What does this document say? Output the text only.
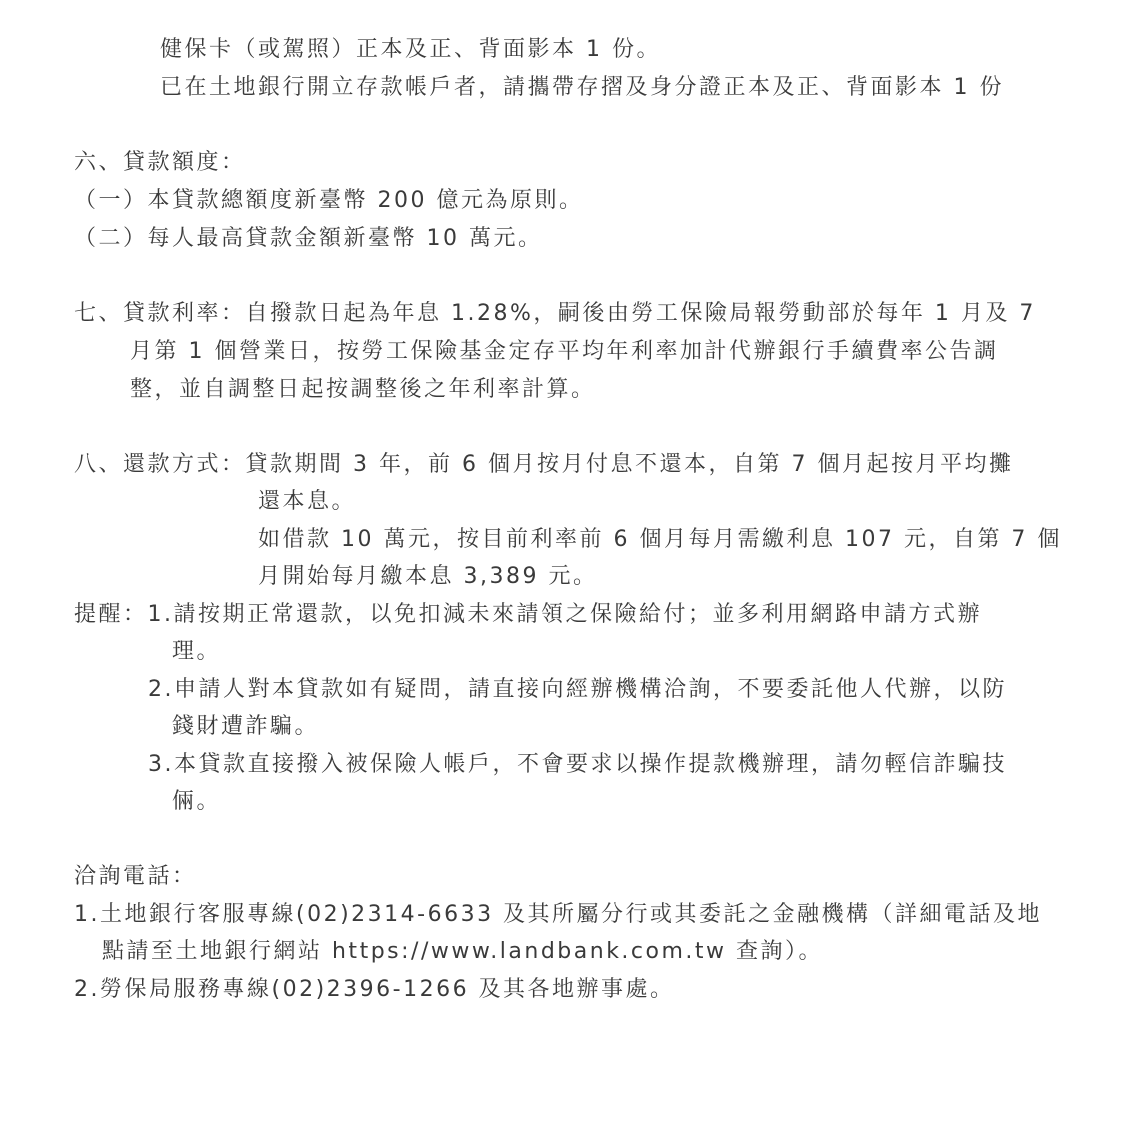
健保卡（或駕照）正本及正、背面影本 1 份。

已在土地銀行開立存款帳戶者，請攜帶存摺及身分證正本及正、背面影本 1 份

六、貸款額度：

（一）本貸款總額度新臺幣 200 億元為原則。

（二）每人最高貸款金額新臺幣 10 萬元。

七、貸款利率：自撥款日起為年息 1.28%，嗣後由勞工保險局報勞動部於每年 1 月及 7

月第 1 個營業日，按勞工保險基金定存平均年利率加計代辦銀行手續費率公告調

整，並自調整日起按調整後之年利率計算。

八、還款方式：貸款期間 3 年，前 6 個月按月付息不還本，自第 7 個月起按月平均攤

還本息。

如借款 10 萬元，按目前利率前 6 個月每月需繳利息 107 元，自第 7 個

月開始每月繳本息 3,389 元。

提醒：1.請按期正常還款，以免扣減未來請領之保險給付；並多利用網路申請方式辦

理。

2.申請人對本貸款如有疑問，請直接向經辦機構洽詢，不要委託他人代辦，以防

錢財遭詐騙。

3.本貸款直接撥入被保險人帳戶，不會要求以操作提款機辦理，請勿輕信詐騙技

倆。

洽詢電話：

1.土地銀行客服專線(02)2314-6633 及其所屬分行或其委託之金融機構（詳細電話及地

點請至土地銀行網站 https://www.landbank.com.tw 查詢）。

2.勞保局服務專線(02)2396-1266 及其各地辦事處。
